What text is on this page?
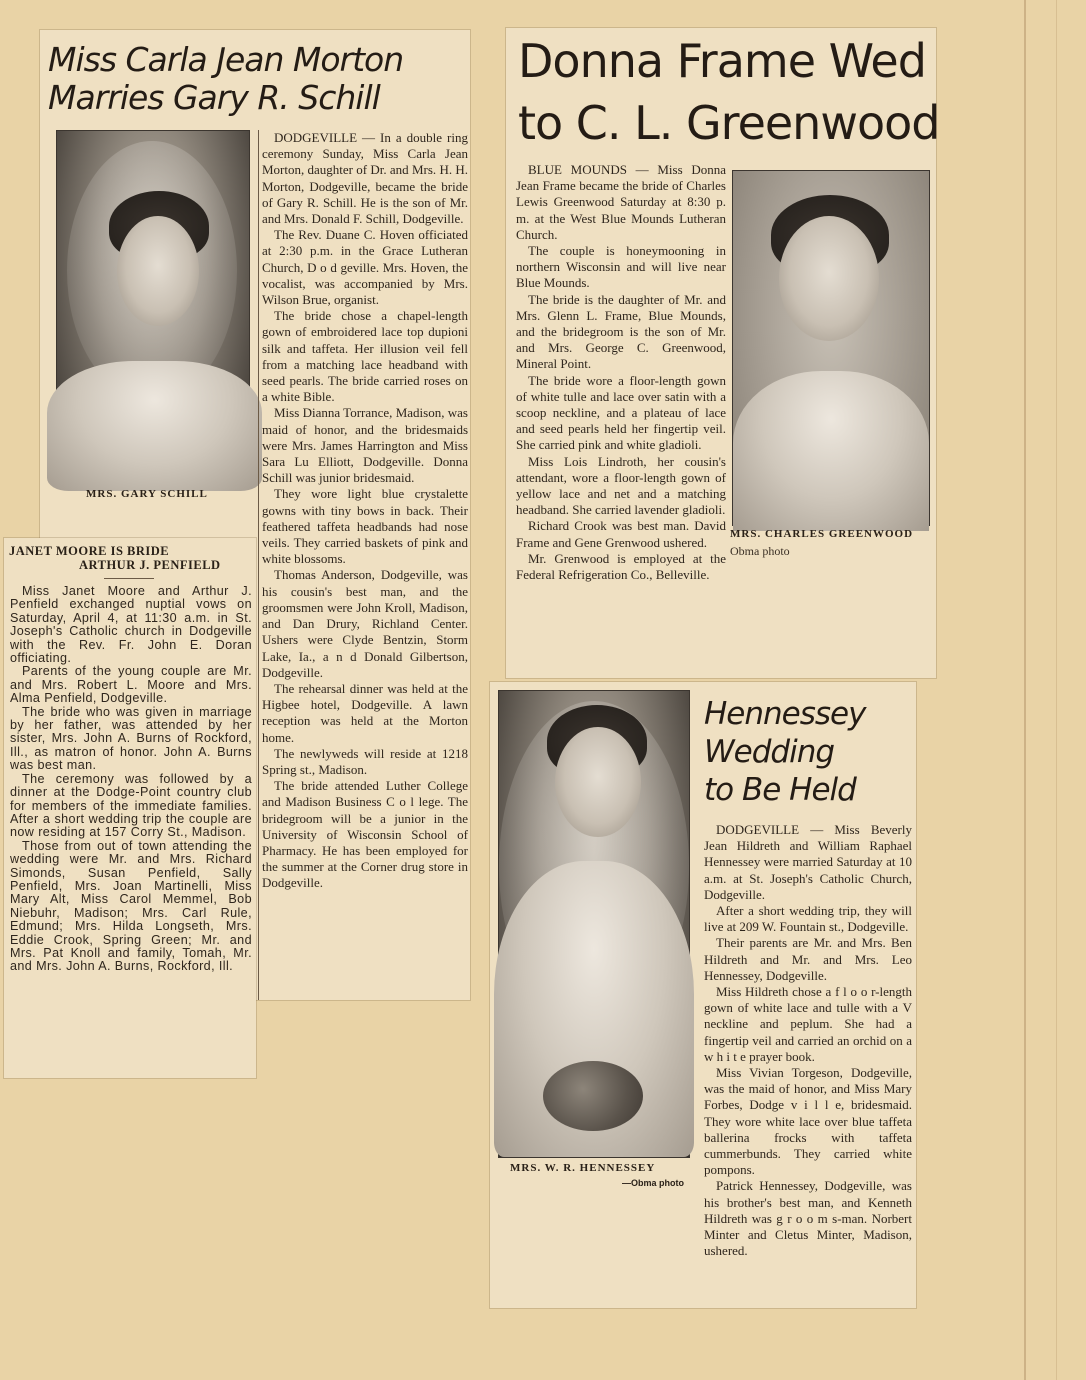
Miss Carla Jean Morton
Marries Gary R. Schill
MRS. GARY SCHILL

DODGEVILLE — In a double ring ceremony Sunday, Miss Carla Jean Morton, daughter of Dr. and Mrs. H. H. Morton, Dodgeville, became the bride of Gary R. Schill. He is the son of Mr. and Mrs. Donald F. Schill, Dodgeville.

The Rev. Duane C. Hoven officiated at 2:30 p.m. in the Grace Lutheran Church, D o d geville. Mrs. Hoven, the vocalist, was accompanied by Mrs. Wilson Brue, organist.

The bride chose a chapel-length gown of embroidered lace top dupioni silk and taffeta. Her illusion veil fell from a matching lace headband with seed pearls. The bride carried roses on a white Bible.

Miss Dianna Torrance, Madison, was maid of honor, and the bridesmaids were Mrs. James Harrington and Miss Sara Lu Elliott, Dodgeville. Donna Schill was junior bridesmaid.

They wore light blue crystalette gowns with tiny bows in back. Their feathered taffeta headbands had nose veils. They carried baskets of pink and white blossoms.

Thomas Anderson, Dodgeville, was his cousin's best man, and the groomsmen were John Kroll, Madison, and Dan Drury, Richland Center. Ushers were Clyde Bentzin, Storm Lake, Ia., a n d Donald Gilbertson, Dodgeville.

The rehearsal dinner was held at the Higbee hotel, Dodgeville. A lawn reception was held at the Morton home.

The newlyweds will reside at 1218 Spring st., Madison.

The bride attended Luther College and Madison Business C o l lege. The bridegroom will be a junior in the University of Wisconsin School of Pharmacy. He has been employed for the summer at the Corner drug store in Dodgeville.

JANET MOORE IS BRIDE
ARTHUR J. PENFIELD

Miss Janet Moore and Arthur J. Penfield exchanged nuptial vows on Saturday, April 4, at 11:30 a.m. in St. Joseph's Catholic church in Dodgeville with the Rev. Fr. John E. Doran officiating.

Parents of the young couple are Mr. and Mrs. Robert L. Moore and Mrs. Alma Penfield, Dodgeville.

The bride who was given in marriage by her father, was attended by her sister, Mrs. John A. Burns of Rockford, Ill., as matron of honor. John A. Burns was best man.

The ceremony was followed by a dinner at the Dodge-Point country club for members of the immediate families. After a short wedding trip the couple are now residing at 157 Corry St., Madison.

Those from out of town attending the wedding were Mr. and Mrs. Richard Simonds, Susan Penfield, Sally Penfield, Mrs. Joan Martinelli, Miss Mary Alt, Miss Carol Memmel, Bob Niebuhr, Madison; Mrs. Carl Rule, Edmund; Mrs. Hilda Longseth, Mrs. Eddie Crook, Spring Green; Mr. and Mrs. Pat Knoll and family, Tomah, Mr. and Mrs. John A. Burns, Rockford, Ill.

Donna Frame Wed
to C. L. Greenwood

BLUE MOUNDS — Miss Donna Jean Frame became the bride of Charles Lewis Greenwood Saturday at 8:30 p. m. at the West Blue Mounds Lutheran Church.

The couple is honeymooning in northern Wisconsin and will live near Blue Mounds.

The bride is the daughter of Mr. and Mrs. Glenn L. Frame, Blue Mounds, and the bridegroom is the son of Mr. and Mrs. George C. Greenwood, Mineral Point.

The bride wore a floor-length gown of white tulle and lace over satin with a scoop neckline, and a plateau of lace and seed pearls held her fingertip veil. She carried pink and white gladioli.

Miss Lois Lindroth, her cousin's attendant, wore a floor-length gown of yellow lace and net and a matching headband. She carried lavender gladioli.

Richard Crook was best man. David Frame and Gene Grenwood ushered.

Mr. Grenwood is employed at the Federal Refrigeration Co., Belleville.

MRS. CHARLES GREENWOOD
Obma photo
MRS. W. R. HENNESSEY
—Obma photo
Hennessey
Wedding
to Be Held

DODGEVILLE — Miss Beverly Jean Hildreth and William Raphael Hennessey were married Saturday at 10 a.m. at St. Joseph's Catholic Church, Dodgeville.

After a short wedding trip, they will live at 209 W. Fountain st., Dodgeville.

Their parents are Mr. and Mrs. Ben Hildreth and Mr. and Mrs. Leo Hennessey, Dodgeville.

Miss Hildreth chose a f l o o r-length gown of white lace and tulle with a V neckline and peplum. She had a fingertip veil and carried an orchid on a w h i t e prayer book.

Miss Vivian Torgeson, Dodgeville, was the maid of honor, and Miss Mary Forbes, Dodge v i l l e, bridesmaid. They wore white lace over blue taffeta ballerina frocks with taffeta cummerbunds. They carried white pompons.

Patrick Hennessey, Dodgeville, was his brother's best man, and Kenneth Hildreth was g r o o m s-man. Norbert Minter and Cletus Minter, Madison, ushered.
